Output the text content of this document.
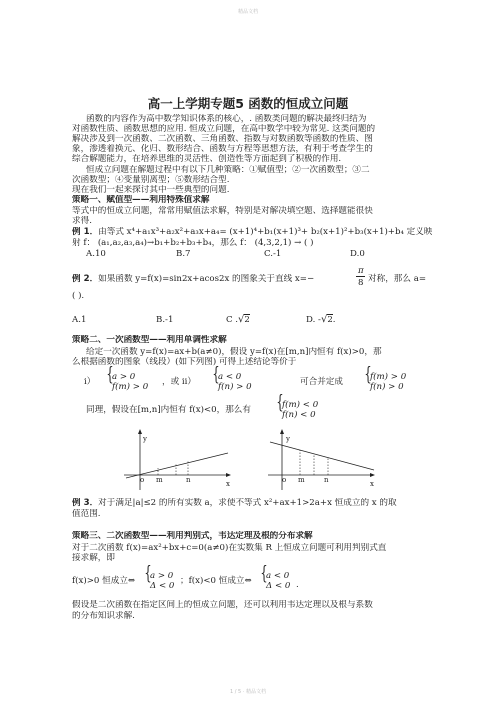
精品文档
高一上学期专题5 函数的恒成立问题
函数的内容作为高中数学知识体系的核心，. 函数类问题的解决最终归结为
对函数性质、函数思想的应用. 恒成立问题，在高中数学中较为常见. 这类问题的
解决涉及到一次函数、二次函数、三角函数、指数与对数函数等函数的性质、图
象，渗透着换元、化归、数形结合、函数与方程等思想方法，有利于考查学生的
综合解题能力，在培养思维的灵活性、创造性等方面起到了积极的作用.
恒成立问题在解题过程中有以下几种策略：①赋值型；②一次函数型；③二
次函数型；④变量别离型；⑤数形结合型.
现在我们一起来探讨其中一些典型的问题.
策略一、赋值型——利用特殊值求解
等式中的恒成立问题，常常用赋值法求解，特别是对解决填空题、选择题能很快
求得.
例 1．由等式 x⁴+a₁x³+a₂x²+a₃x+a₄= (x+1)⁴+b₁(x+1)³+ b₂(x+1)²+b₃(x+1)+b₄ 定义映
射 f： (a₁,a₂,a₃,a₄)→b₁+b₂+b₃+b₄，那么 f： (4,3,2,1) → ( )
A.10	B.7	C.-1	D.0
例 2．如果函数 y=f(x)=sin2x+acos2x 的图象关于直线 x=−
π
8 对称，那么 a=
( ).
A.1	B.-1	C .√2	D. -√2.
策略二、一次函数型——利用单调性求解
给定一次函数 y=f(x)=ax+b(a≠0)，假设 y=f(x)在[m,n]内恒有 f(x)>0，那
么根据函数的图象（线段）(如下列图) 可得上述结论等价于
i） { a > 0
f(m) > 0 ，或 ii）	{ a < 0
f(n) > 0	可合并定成	{ f(m) > 0
f(n) > 0
同理，假设在[m,n]内恒有 f(x)<0，那么有	{ f(m) < 0
f(n) < 0
y
x
o m	n
y
x
o m	n
例 3．对于满足|a|≤2 的所有实数 a，求使不等式 x²+ax+1>2a+x 恒成立的 x 的取
值范围.
策略三、二次函数型——利用判别式，韦达定理及根的分布求解
对于二次函数 f(x)=ax²+bx+c=0(a≠0)在实数集 R 上恒成立问题可利用判别式直
接求解，即
f(x)>0 恒成立⇔ { a > 0
Δ < 0 ；f(x)<0 恒成立⇔ { a < 0
Δ < 0 .
假设是二次函数在指定区间上的恒成立问题，还可以利用韦达定理以及根与系数
的分布知识求解.
1 / 5 · 精品文档
